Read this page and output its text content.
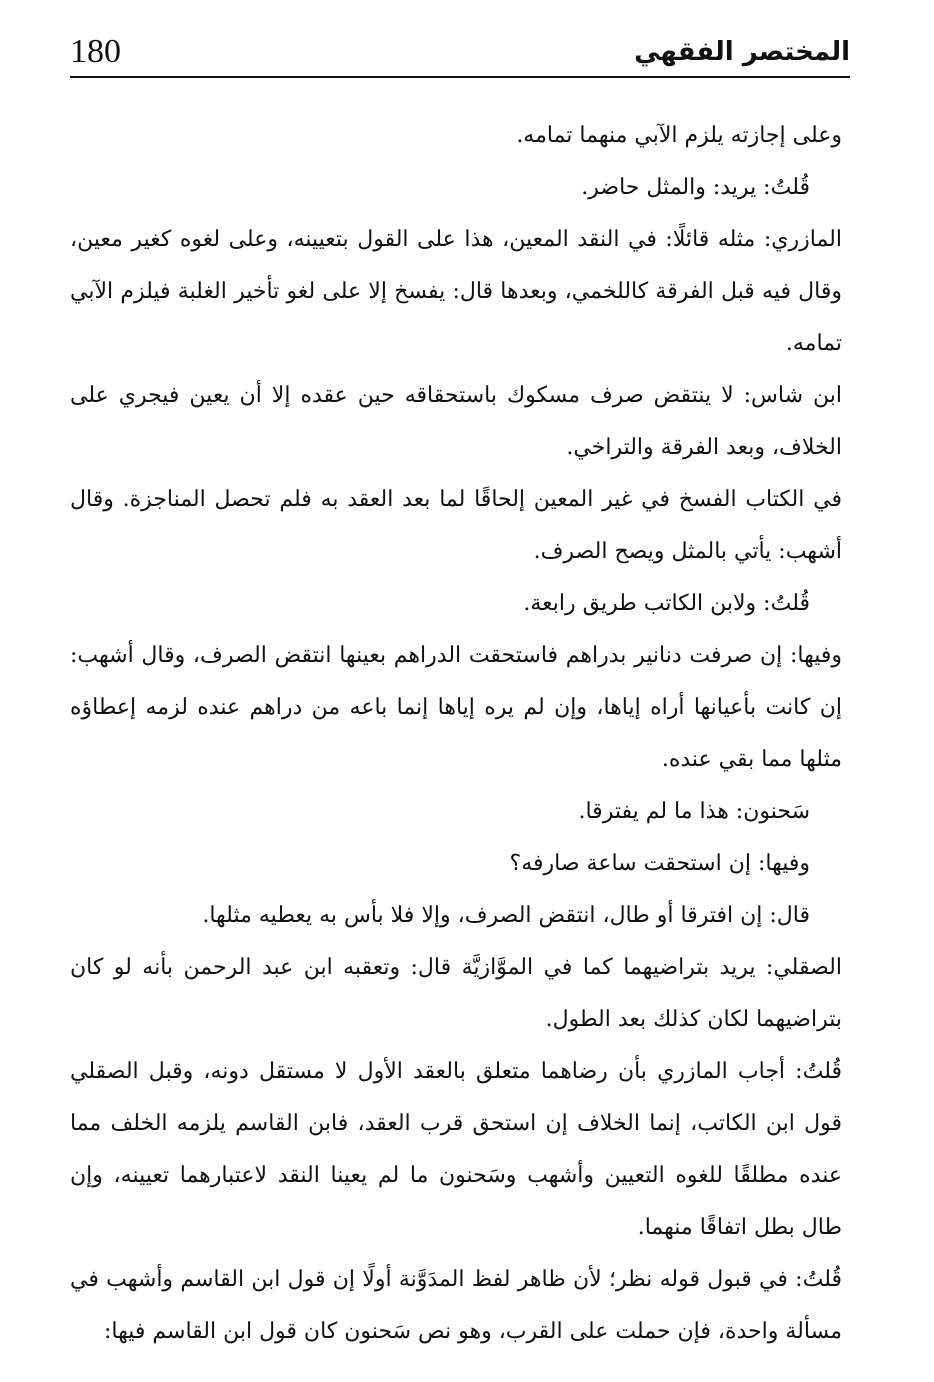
180	المختصر الفقهي

وعلى إجازته يلزم الآبي منهما تمامه.

قُلتُ: يريد: والمثل حاضر.

المازري: مثله قائلًا: في النقد المعين، هذا على القول بتعيينه، وعلى لغوه كغير معين، وقال فيه قبل الفرقة كاللخمي، وبعدها قال: يفسخ إلا على لغو تأخير الغلبة فيلزم الآبي تمامه.

ابن شاس: لا ينتقض صرف مسكوك باستحقاقه حين عقده إلا أن يعين فيجري على الخلاف، وبعد الفرقة والتراخي.

في الكتاب الفسخ في غير المعين إلحاقًا لما بعد العقد به فلم تحصل المناجزة. وقال أشهب: يأتي بالمثل ويصح الصرف.

قُلتُ: ولابن الكاتب طريق رابعة.

وفيها: إن صرفت دنانير بدراهم فاستحقت الدراهم بعينها انتقض الصرف، وقال أشهب: إن كانت بأعيانها أراه إياها، وإن لم يره إياها إنما باعه من دراهم عنده لزمه إعطاؤه مثلها مما بقي عنده.

سَحنون: هذا ما لم يفترقا.

وفيها: إن استحقت ساعة صارفه؟

قال: إن افترقا أو طال، انتقض الصرف، وإلا فلا بأس به يعطيه مثلها.

الصقلي: يريد بتراضيهما كما في الموَّازيَّة قال: وتعقبه ابن عبد الرحمن بأنه لو كان بتراضيهما لكان كذلك بعد الطول.

قُلتُ: أجاب المازري بأن رضاهما متعلق بالعقد الأول لا مستقل دونه، وقبل الصقلي قول ابن الكاتب، إنما الخلاف إن استحق قرب العقد، فابن القاسم يلزمه الخلف مما عنده مطلقًا للغوه التعيين وأشهب وسَحنون ما لم يعينا النقد لاعتبارهما تعيينه، وإن طال بطل اتفاقًا منهما.

قُلتُ: في قبول قوله نظر؛ لأن ظاهر لفظ المدَوَّنة أولًا إن قول ابن القاسم وأشهب في مسألة واحدة، فإن حملت على القرب، وهو نص سَحنون كان قول ابن القاسم فيها:
